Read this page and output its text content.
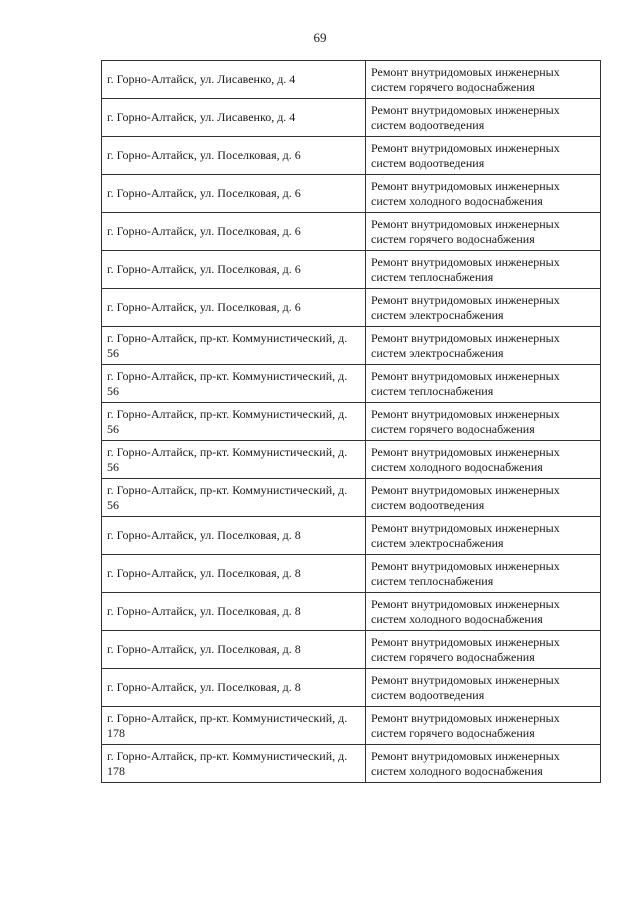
69
г. Горно-Алтайск, ул. Лисавенко, д. 4	Ремонт внутридомовых инженерных систем горячего водоснабжения
г. Горно-Алтайск, ул. Лисавенко, д. 4	Ремонт внутридомовых инженерных систем водоотведения
г. Горно-Алтайск, ул. Поселковая, д. 6	Ремонт внутридомовых инженерных систем водоотведения
г. Горно-Алтайск, ул. Поселковая, д. 6	Ремонт внутридомовых инженерных систем холодного водоснабжения
г. Горно-Алтайск, ул. Поселковая, д. 6	Ремонт внутридомовых инженерных систем горячего водоснабжения
г. Горно-Алтайск, ул. Поселковая, д. 6	Ремонт внутридомовых инженерных систем теплоснабжения
г. Горно-Алтайск, ул. Поселковая, д. 6	Ремонт внутридомовых инженерных систем электроснабжения
г. Горно-Алтайск, пр-кт. Коммунистический, д. 56	Ремонт внутридомовых инженерных систем электроснабжения
г. Горно-Алтайск, пр-кт. Коммунистический, д. 56	Ремонт внутридомовых инженерных систем теплоснабжения
г. Горно-Алтайск, пр-кт. Коммунистический, д. 56	Ремонт внутридомовых инженерных систем горячего водоснабжения
г. Горно-Алтайск, пр-кт. Коммунистический, д. 56	Ремонт внутридомовых инженерных систем холодного водоснабжения
г. Горно-Алтайск, пр-кт. Коммунистический, д. 56	Ремонт внутридомовых инженерных систем водоотведения
г. Горно-Алтайск, ул. Поселковая, д. 8	Ремонт внутридомовых инженерных систем электроснабжения
г. Горно-Алтайск, ул. Поселковая, д. 8	Ремонт внутридомовых инженерных систем теплоснабжения
г. Горно-Алтайск, ул. Поселковая, д. 8	Ремонт внутридомовых инженерных систем холодного водоснабжения
г. Горно-Алтайск, ул. Поселковая, д. 8	Ремонт внутридомовых инженерных систем горячего водоснабжения
г. Горно-Алтайск, ул. Поселковая, д. 8	Ремонт внутридомовых инженерных систем водоотведения
г. Горно-Алтайск, пр-кт. Коммунистический, д. 178	Ремонт внутридомовых инженерных систем горячего водоснабжения
г. Горно-Алтайск, пр-кт. Коммунистический, д. 178	Ремонт внутридомовых инженерных систем холодного водоснабжения
